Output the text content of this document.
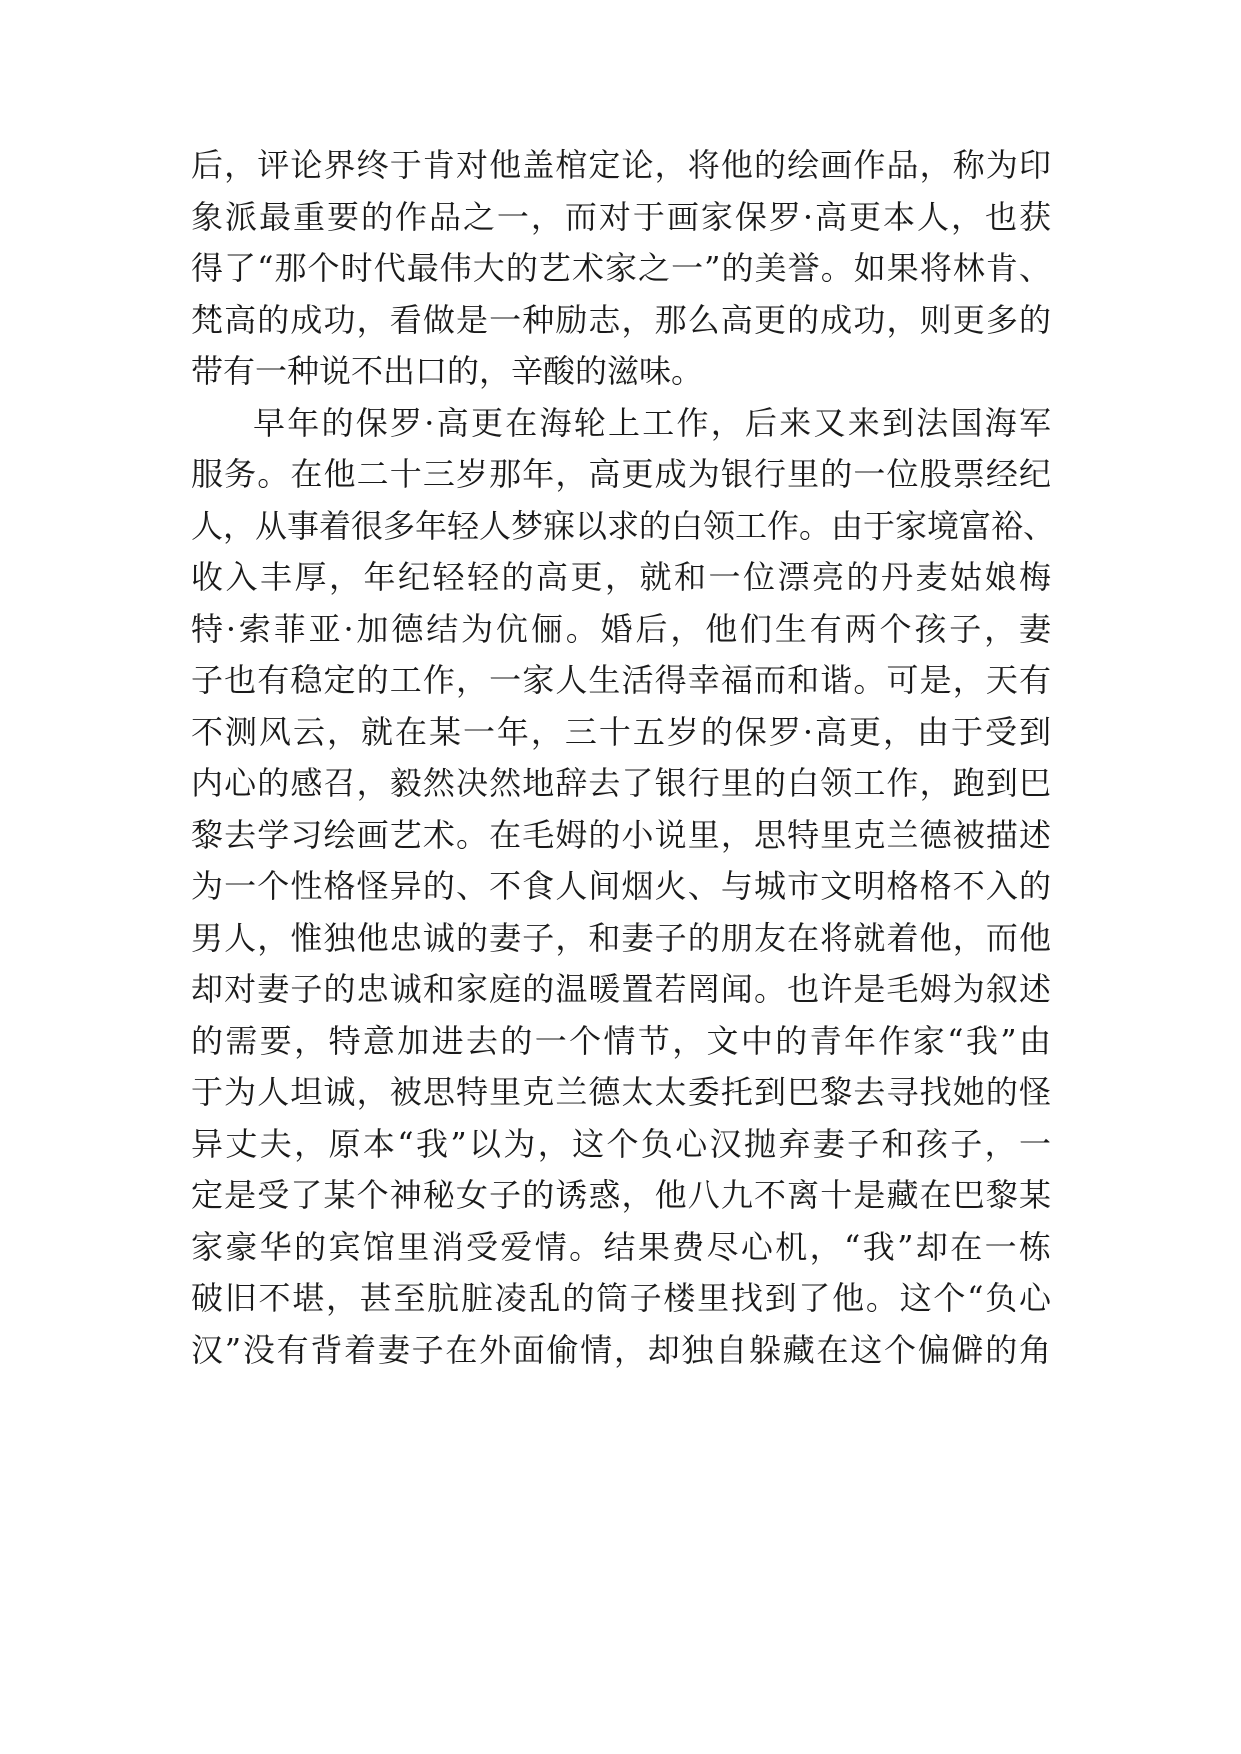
后，评论界终于肯对他盖棺定论，将他的绘画作品，称为印
象派最重要的作品之一，而对于画家保罗·高更本人，也获
得了“那个时代最伟大的艺术家之一”的美誉。如果将林肯、
梵高的成功，看做是一种励志，那么高更的成功，则更多的
带有一种说不出口的，辛酸的滋味。
早年的保罗·高更在海轮上工作，后来又来到法国海军
服务。在他二十三岁那年，高更成为银行里的一位股票经纪
人，从事着很多年轻人梦寐以求的白领工作。由于家境富裕、
收入丰厚，年纪轻轻的高更，就和一位漂亮的丹麦姑娘梅
特·索菲亚·加德结为伉俪。婚后，他们生有两个孩子，妻
子也有稳定的工作，一家人生活得幸福而和谐。可是，天有
不测风云，就在某一年，三十五岁的保罗·高更，由于受到
内心的感召，毅然决然地辞去了银行里的白领工作，跑到巴
黎去学习绘画艺术。在毛姆的小说里，思特里克兰德被描述
为一个性格怪异的、不食人间烟火、与城市文明格格不入的
男人，惟独他忠诚的妻子，和妻子的朋友在将就着他，而他
却对妻子的忠诚和家庭的温暖置若罔闻。也许是毛姆为叙述
的需要，特意加进去的一个情节，文中的青年作家“我”由
于为人坦诚，被思特里克兰德太太委托到巴黎去寻找她的怪
异丈夫，原本“我”以为，这个负心汉抛弃妻子和孩子，一
定是受了某个神秘女子的诱惑，他八九不离十是藏在巴黎某
家豪华的宾馆里消受爱情。结果费尽心机，“我”却在一栋
破旧不堪，甚至肮脏凌乱的筒子楼里找到了他。这个“负心
汉”没有背着妻子在外面偷情，却独自躲藏在这个偏僻的角
